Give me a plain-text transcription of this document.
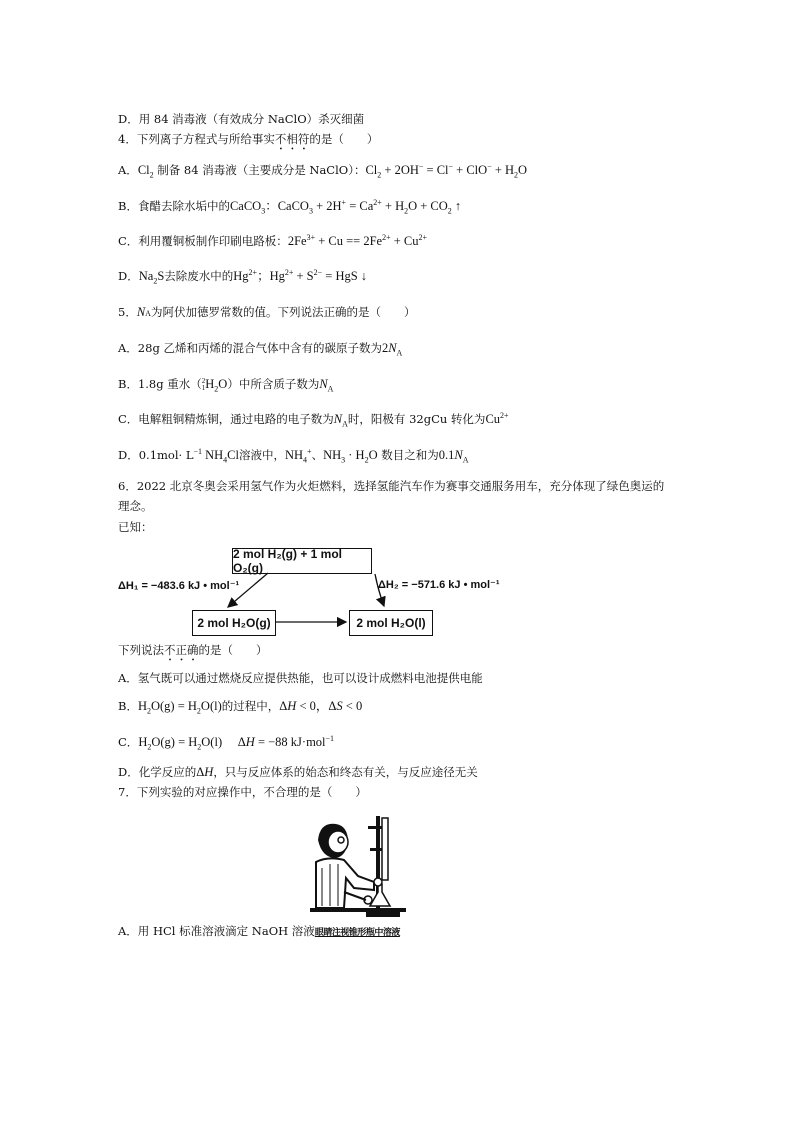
D．用 84 消毒液（有效成分 NaClO）杀灭细菌
4．下列离子方程式与所给事实不相符的是（　　）
A．$Cl_2$ 制备 84 消毒液（主要成分是 NaClO）：$Cl_2 + 2OH^- = Cl^- + ClO^- + H_2O$
B．食醋去除水垢中的CaCO$_3$：CaCO$_3$ + $2H^+ = Ca^{2+} + H_2O + CO_2$ ↑
C．利用覆铜板制作印刷电路板：$2Fe^{3+} + Cu == 2Fe^{2+} + Cu^{2+}$
D．$Na_2S$去除废水中的$Hg^{2+}$；$Hg^{2+} + S^{2-}$ = HgS ↓
5．NA为阿伏加德罗常数的值。下列说法正确的是（　　）
A．28g 乙烯和丙烯的混合气体中含有的碳原子数为$2N_A$
B．1.8g 重水（2
$1H_2O$）中所含质子数为$N_A$
C．电解粗铜精炼铜，通过电路的电子数为$N_A$时，阳极有 32gCu 转化为$Cu^{2+}$
D．$0.1mol\cdot L^{-1}$ $NH_4Cl$溶液中，$NH_4^+$、$NH_3 \cdot H_2O$ 数目之和为$0.1N_A$
6．2022 北京冬奥会采用氢气作为火炬燃料，选择氢能汽车作为赛事交通服务用车，充分体现了绿色奥运的
理念。
已知：
2 mol H₂(g) + 1 mol O₂(g)
2 mol H₂O(g)	2 mol H₂O(l)
ΔH₁ = −483.6 kJ • mol⁻¹	ΔH₂ = −571.6 kJ • mol⁻¹
下列说法不正确的是（　　）
A．氢气既可以通过燃烧反应提供热能，也可以设计成燃料电池提供电能
B．$H_2O(g) = H_2O(l)$的过程中，ΔH < 0，ΔS < 0
C．$H_2O(g) = H_2O(l)$　 ΔH = −88 kJ·mol$^{-1}$
D．化学反应的ΔH，只与反应体系的始态和终态有关，与反应途径无关
7．下列实验的对应操作中，不合理的是（　　）
A．用 HCl 标准溶液滴定 NaOH 溶液眼睛注视锥形瓶中溶液
